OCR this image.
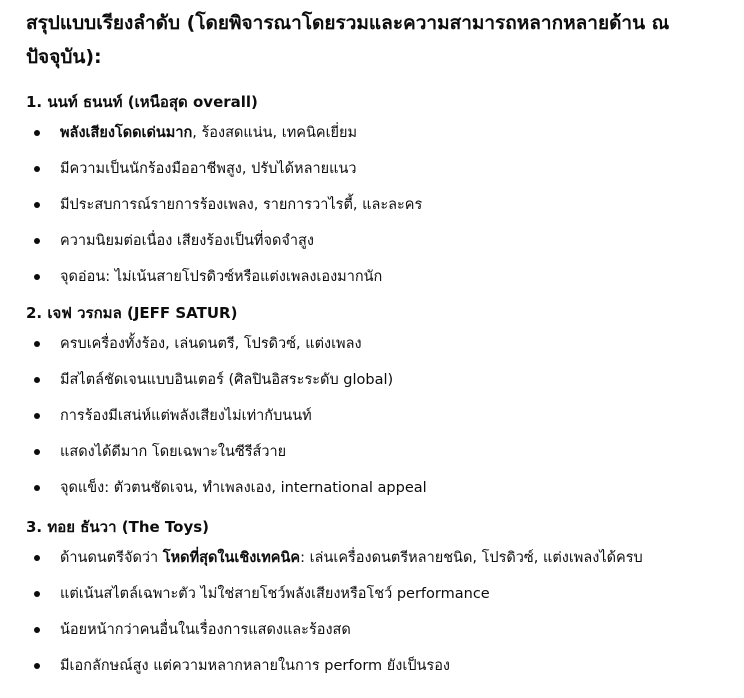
สรุปแบบเรียงลำดับ (โดยพิจารณาโดยรวมและความสามารถหลากหลายด้าน ณ ปัจจุบัน):
1. นนท์ ธนนท์ (เหนือสุด overall)
พลังเสียงโดดเด่นมาก, ร้องสดแน่น, เทคนิคเยี่ยม
มีความเป็นนักร้องมืออาชีพสูง, ปรับได้หลายแนว
มีประสบการณ์รายการร้องเพลง, รายการวาไรตี้, และละคร
ความนิยมต่อเนื่อง เสียงร้องเป็นที่จดจำสูง
จุดอ่อน: ไม่เน้นสายโปรดิวซ์หรือแต่งเพลงเองมากนัก
2. เจฟ วรกมล (JEFF SATUR)
ครบเครื่องทั้งร้อง, เล่นดนตรี, โปรดิวซ์, แต่งเพลง
มีสไตล์ชัดเจนแบบอินเตอร์ (ศิลปินอิสระระดับ global)
การร้องมีเสน่ห์แต่พลังเสียงไม่เท่ากับนนท์
แสดงได้ดีมาก โดยเฉพาะในซีรีส์วาย
จุดแข็ง: ตัวตนชัดเจน, ทำเพลงเอง, international appeal
3. ทอย ธันวา (The Toys)
ด้านดนตรีจัดว่า โหดที่สุดในเชิงเทคนิค: เล่นเครื่องดนตรีหลายชนิด, โปรดิวซ์, แต่งเพลงได้ครบ
แต่เน้นสไตล์เฉพาะตัว ไม่ใช่สายโชว์พลังเสียงหรือโชว์ performance
น้อยหน้ากว่าคนอื่นในเรื่องการแสดงและร้องสด
มีเอกลักษณ์สูง แต่ความหลากหลายในการ perform ยังเป็นรอง
